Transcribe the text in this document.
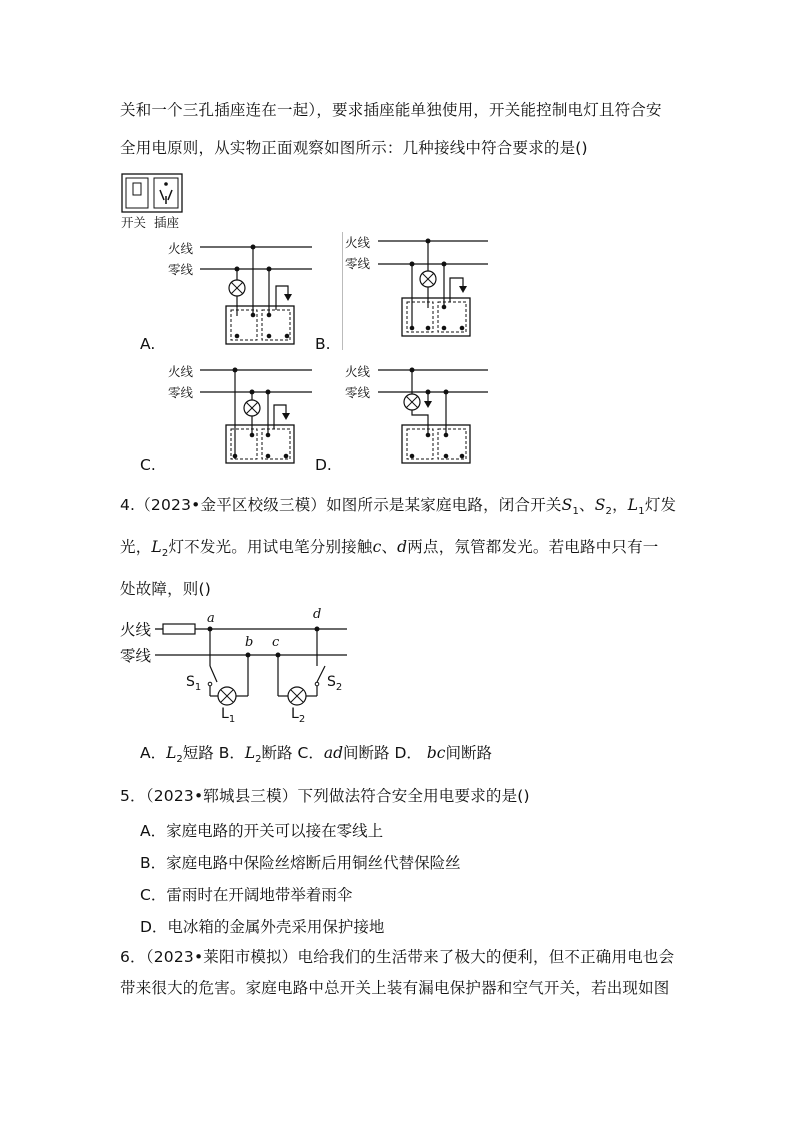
关和一个三孔插座连在一起），要求插座能单独使用，开关能控制电灯且符合安
全用电原则，从实物正面观察如图所示：几种接线中符合要求的是()
开关 插座
火线
零线
A.
火线
零线
B.
火线
零线
C.
火线
零线
D.
4.（2023•金平区校级三模）如图所示是某家庭电路，闭合开关$S_1$、$S_2$，$L_1$灯发
光，$L_2$灯不发光。用试电笔分别接触c、d两点，氖管都发光。若电路中只有一
处故障，则()
火线
零线
a
b c
d
$S_1$	$S_2$
$L_1$	$L_2$
A．$L_2$短路 B．$L_2$断路 C．ad间断路 D． bc间断路
5．（2023•郓城县三模）下列做法符合安全用电要求的是()
A．家庭电路的开关可以接在零线上
B．家庭电路中保险丝熔断后用铜丝代替保险丝
C．雷雨时在开阔地带举着雨伞
D．电冰箱的金属外壳采用保护接地
6．（2023•莱阳市模拟）电给我们的生活带来了极大的便利，但不正确用电也会
带来很大的危害。家庭电路中总开关上装有漏电保护器和空气开关，若出现如图
